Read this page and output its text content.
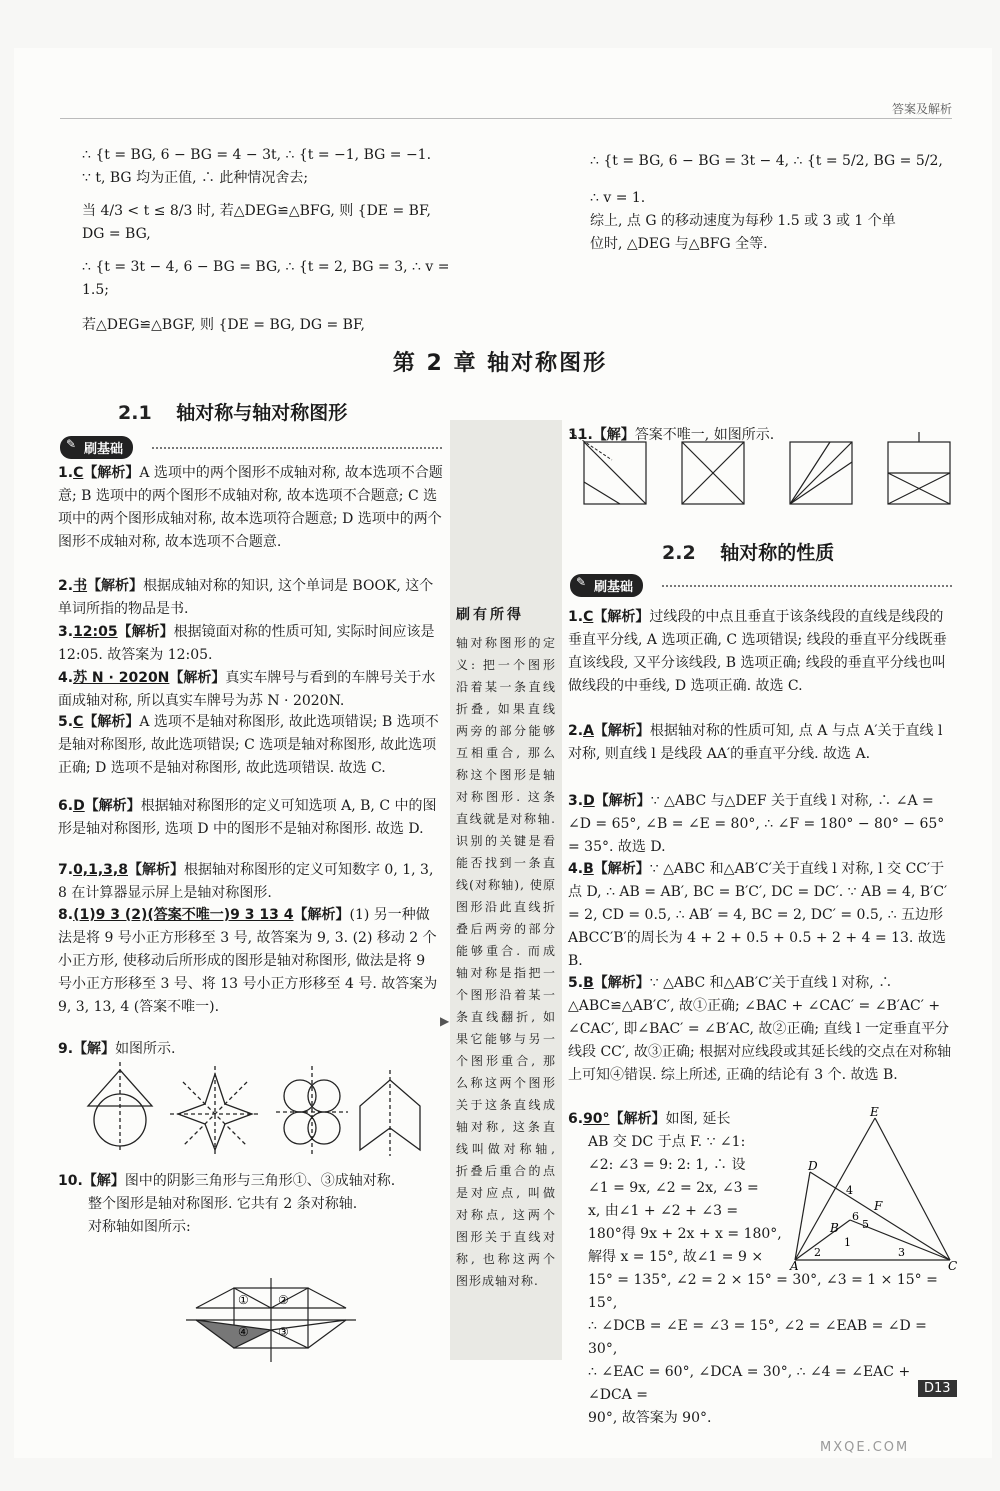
答案及解析

∴ {t = BG, 6 − BG = 4 − 3t, ∴ {t = −1, BG = −1.

∵ t, BG 均为正值, ∴ 此种情况舍去;

当 4/3 < t ≤ 8/3 时, 若△DEG≌△BFG, 则 {DE = BF, DG = BG,

∴ {t = 3t − 4, 6 − BG = BG, ∴ {t = 2, BG = 3, ∴ v = 1.5;

若△DEG≌△BGF, 则 {DE = BG, DG = BF,

∴ {t = BG, 6 − BG = 3t − 4, ∴ {t = 5/2, BG = 5/2,

∴ v = 1.

综上, 点 G 的移动速度为每秒 1.5 或 3 或 1 个单

位时, △DEG 与△BFG 全等.

第 2 章 轴对称图形
2.1 轴对称与轴对称图形
✎ 刷基础

1.C【解析】A 选项中的两个图形不成轴对称, 故本选项不合题意; B 选项中的两个图形不成轴对称, 故本选项不合题意; C 选项中的两个图形成轴对称, 故本选项符合题意; D 选项中的两个图形不成轴对称, 故本选项不合题意.

2.书【解析】根据成轴对称的知识, 这个单词是 BOOK, 这个单词所指的物品是书.

3.12:05【解析】根据镜面对称的性质可知, 实际时间应该是 12:05. 故答案为 12:05.

4.苏 N · 2020N【解析】真实车牌号与看到的车牌号关于水面成轴对称, 所以真实车牌号为苏 N · 2020N.

5.C【解析】A 选项不是轴对称图形, 故此选项错误; B 选项不是轴对称图形, 故此选项错误; C 选项是轴对称图形, 故此选项正确; D 选项不是轴对称图形, 故此选项错误. 故选 C.

6.D【解析】根据轴对称图形的定义可知选项 A, B, C 中的图形是轴对称图形, 选项 D 中的图形不是轴对称图形. 故选 D.

7.0,1,3,8【解析】根据轴对称图形的定义可知数字 0, 1, 3, 8 在计算器显示屏上是轴对称图形.

8.(1)9 3 (2)(答案不唯一)9 3 13 4【解析】(1) 另一种做法是将 9 号小正方形移至 3 号, 故答案为 9, 3. (2) 移动 2 个小正方形, 使移动后所形成的图形是轴对称图形, 做法是将 9 号小正方形移至 3 号、将 13 号小正方形移至 4 号. 故答案为 9, 3, 13, 4 (答案不唯一).

▶

9.【解】如图所示.

10.【解】图中的阴影三角形与三角形①、③成轴对称.

整个图形是轴对称图形. 它共有 2 条对称轴.

对称轴如图所示:

① ②
④ ③
刷有所得
轴对称图形的定义: 把一个图形沿着某一条直线折叠, 如果直线两旁的部分能够互相重合, 那么称这个图形是轴对称图形. 这条直线就是对称轴. 识别的关键是看能否找到一条直线(对称轴), 使原图形沿此直线折叠后两旁的部分能够重合. 而成轴对称是指把一个图形沿着某一条直线翻折, 如果它能够与另一个图形重合, 那么称这两个图形关于这条直线成轴对称, 这条直线叫做对称轴, 折叠后重合的点是对应点, 叫做对称点, 这两个图形关于直线对称, 也称这两个图形成轴对称.

11.【解】答案不唯一, 如图所示.

2.2 轴对称的性质
✎ 刷基础

1.C【解析】过线段的中点且垂直于该条线段的直线是线段的垂直平分线, A 选项正确, C 选项错误; 线段的垂直平分线既垂直该线段, 又平分该线段, B 选项正确; 线段的垂直平分线也叫做线段的中垂线, D 选项正确. 故选 C.

2.A【解析】根据轴对称的性质可知, 点 A 与点 A′关于直线 l 对称, 则直线 l 是线段 AA′的垂直平分线. 故选 A.

3.D【解析】∵ △ABC 与△DEF 关于直线 l 对称, ∴ ∠A = ∠D = 65°, ∠B = ∠E = 80°, ∴ ∠F = 180° − 80° − 65° = 35°. 故选 D.

4.B【解析】∵ △ABC 和△AB′C′关于直线 l 对称, l 交 CC′于点 D, ∴ AB = AB′, BC = B′C′, DC = DC′. ∵ AB = 4, B′C′ = 2, CD = 0.5, ∴ AB′ = 4, BC = 2, DC′ = 0.5, ∴ 五边形 ABCC′B′的周长为 4 + 2 + 0.5 + 0.5 + 2 + 4 = 13. 故选 B.

5.B【解析】∵ △ABC 和△AB′C′关于直线 l 对称, ∴ △ABC≌△AB′C′, 故①正确; ∠BAC + ∠CAC′ = ∠B′AC′ + ∠CAC′, 即∠BAC′ = ∠B′AC, 故②正确; 直线 l 一定垂直平分线段 CC′, 故③正确; 根据对应线段或其延长线的交点在对称轴上可知④错误. 综上所述, 正确的结论有 3 个. 故选 B.

6.90°【解析】如图, 延长

AB 交 DC 于点 F. ∵ ∠1:

∠2: ∠3 = 9: 2: 1, ∴ 设

∠1 = 9x, ∠2 = 2x, ∠3 =

x, 由∠1 + ∠2 + ∠3 =

180°得 9x + 2x + x = 180°,

解得 x = 15°, 故∠1 = 9 ×

15° = 135°, ∠2 = 2 × 15° = 30°, ∠3 = 1 × 15° = 15°,

∴ ∠DCB = ∠E = ∠3 = 15°, ∠2 = ∠EAB = ∠D = 30°,

∴ ∠EAC = 60°, ∠DCA = 30°, ∴ ∠4 = ∠EAC + ∠DCA =

90°, 故答案为 90°.

E
D
4
F
B
6
5
1
2	3
A	C
D13
MXQE.COM
